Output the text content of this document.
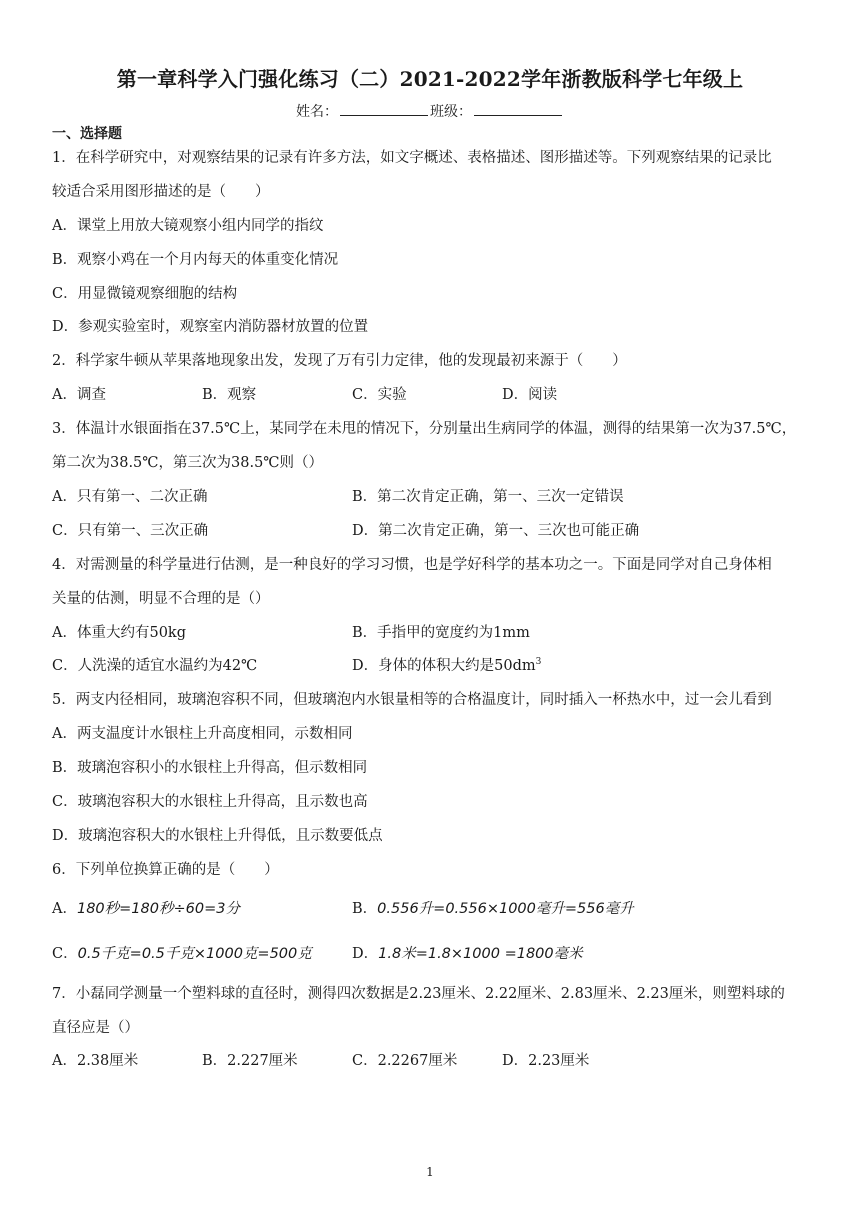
第一章科学入门强化练习（二）2021-2022学年浙教版科学七年级上
姓名：	班级：
一、选择题
1．在科学研究中，对观察结果的记录有许多方法，如文字概述、表格描述、图形描述等。下列观察结果的记录比
较适合采用图形描述的是（　　）
A．课堂上用放大镜观察小组内同学的指纹
B．观察小鸡在一个月内每天的体重变化情况
C．用显微镜观察细胞的结构
D．参观实验室时，观察室内消防器材放置的位置
2．科学家牛顿从苹果落地现象出发，发现了万有引力定律，他的发现最初来源于（　　）
A．调查	B．观察	C．实验	D．阅读
3．体温计水银面指在37.5℃上，某同学在未甩的情况下，分别量出生病同学的体温，测得的结果第一次为37.5℃，
第二次为38.5℃，第三次为38.5℃则（）
A．只有第一、二次正确	B．第二次肯定正确，第一、三次一定错误
C．只有第一、三次正确	D．第二次肯定正确，第一、三次也可能正确
4．对需测量的科学量进行估测，是一种良好的学习习惯，也是学好科学的基本功之一。下面是同学对自己身体相
关量的估测，明显不合理的是（）
A．体重大约有50kg	B．手指甲的宽度约为1mm
C．人洗澡的适宜水温约为42℃	D．身体的体积大约是$50dm^3$
5．两支内径相同，玻璃泡容积不同，但玻璃泡内水银量相等的合格温度计，同时插入一杯热水中，过一会儿看到
A．两支温度计水银柱上升高度相同，示数相同
B．玻璃泡容积小的水银柱上升得高，但示数相同
C．玻璃泡容积大的水银柱上升得高，且示数也高
D．玻璃泡容积大的水银柱上升得低，且示数要低点
6．下列单位换算正确的是（　　）
A．180秒=180秒÷60=3分	B．0.556升=0.556×1000毫升=556毫升
C．0.5千克=0.5千克×1000克=500克	D．1.8米=1.8×1000 =1800毫米
7．小磊同学测量一个塑料球的直径时，测得四次数据是2.23厘米、2.22厘米、2.83厘米、2.23厘米，则塑料球的
直径应是（）
A．2.38厘米	B．2.227厘米	C．2.2267厘米	D．2.23厘米
1
